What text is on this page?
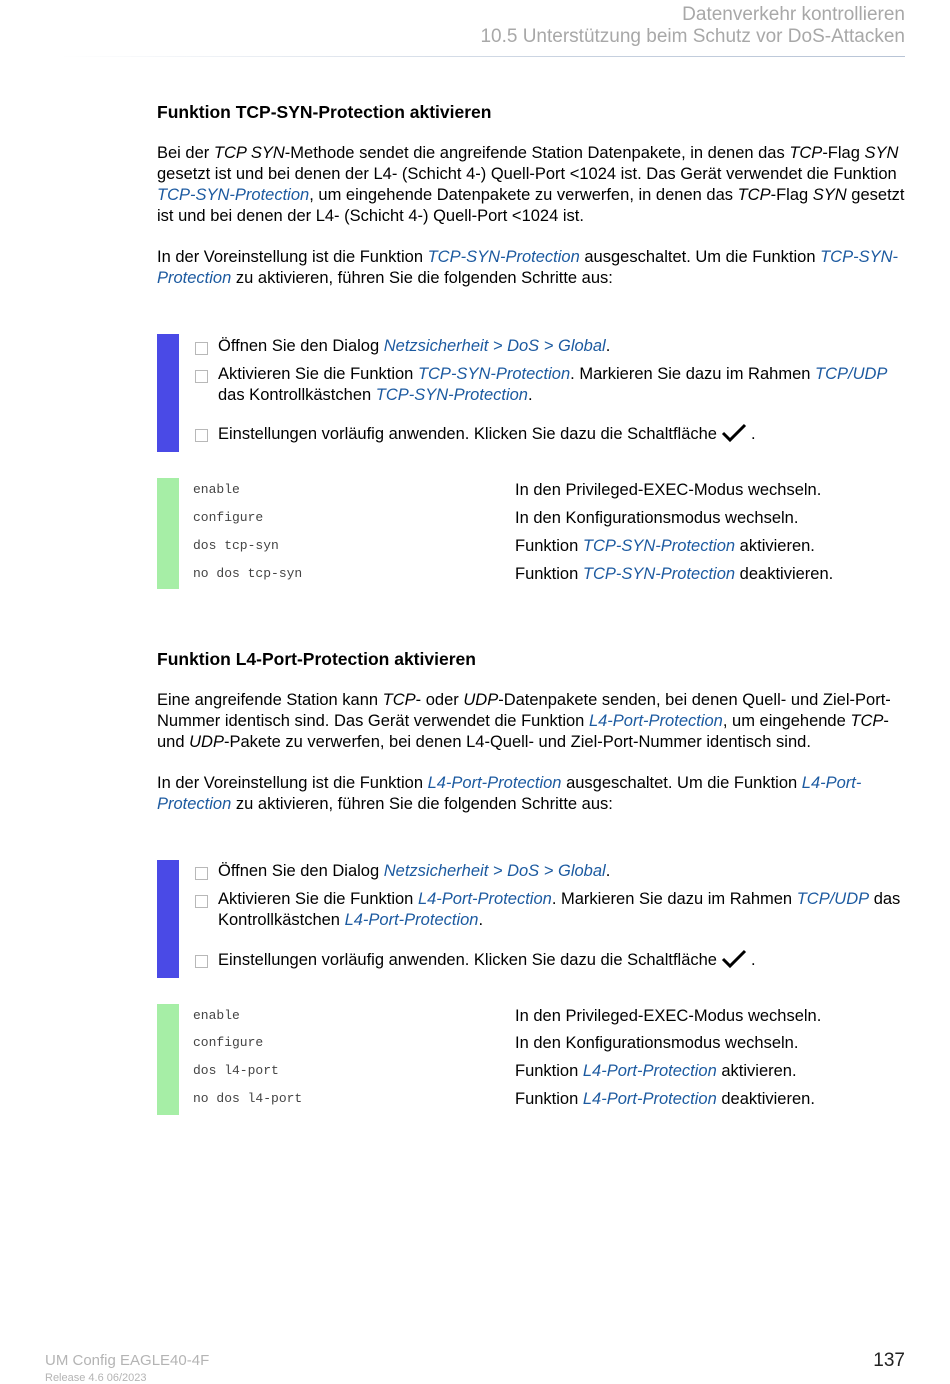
Datenverkehr kontrollieren
10.5 Unterstützung beim Schutz vor DoS-Attacken
Funktion TCP-SYN-Protection aktivieren

Bei der TCP SYN-Methode sendet die angreifende Station Datenpakete, in denen das TCP-Flag SYN gesetzt ist und bei denen der L4- (Schicht 4-) Quell-Port <1024 ist. Das Gerät verwendet die Funktion TCP-SYN-Protection, um eingehende Datenpakete zu verwerfen, in denen das TCP-Flag SYN gesetzt ist und bei denen der L4- (Schicht 4-) Quell-Port <1024 ist.

In der Voreinstellung ist die Funktion TCP-SYN-Protection ausgeschaltet. Um die Funktion TCP-SYN-Protection zu aktivieren, führen Sie die folgenden Schritte aus:

Öffnen Sie den Dialog Netzsicherheit > DoS > Global.
Aktivieren Sie die Funktion TCP-SYN-Protection. Markieren Sie dazu im Rahmen TCP/UDP das Kontrollkästchen TCP-SYN-Protection.
Einstellungen vorläufig anwenden. Klicken Sie dazu die Schaltfläche .
enable	In den Privileged-EXEC-Modus wechseln.
configure	In den Konfigurationsmodus wechseln.
dos tcp-syn	Funktion TCP-SYN-Protection aktivieren.
no dos tcp-syn	Funktion TCP-SYN-Protection deaktivieren.
Funktion L4-Port-Protection aktivieren

Eine angreifende Station kann TCP- oder UDP-Datenpakete senden, bei denen Quell- und Ziel-Port-Nummer identisch sind. Das Gerät verwendet die Funktion L4-Port-Protection, um eingehende TCP- und UDP-Pakete zu verwerfen, bei denen L4-Quell- und Ziel-Port-Nummer identisch sind.

In der Voreinstellung ist die Funktion L4-Port-Protection ausgeschaltet. Um die Funktion L4-Port-Protection zu aktivieren, führen Sie die folgenden Schritte aus:

Öffnen Sie den Dialog Netzsicherheit > DoS > Global.
Aktivieren Sie die Funktion L4-Port-Protection. Markieren Sie dazu im Rahmen TCP/UDP das Kontrollkästchen L4-Port-Protection.
Einstellungen vorläufig anwenden. Klicken Sie dazu die Schaltfläche .
enable	In den Privileged-EXEC-Modus wechseln.
configure	In den Konfigurationsmodus wechseln.
dos l4-port	Funktion L4-Port-Protection aktivieren.
no dos l4-port	Funktion L4-Port-Protection deaktivieren.
UM Config EAGLE40-4F
Release 4.6 06/2023
137
